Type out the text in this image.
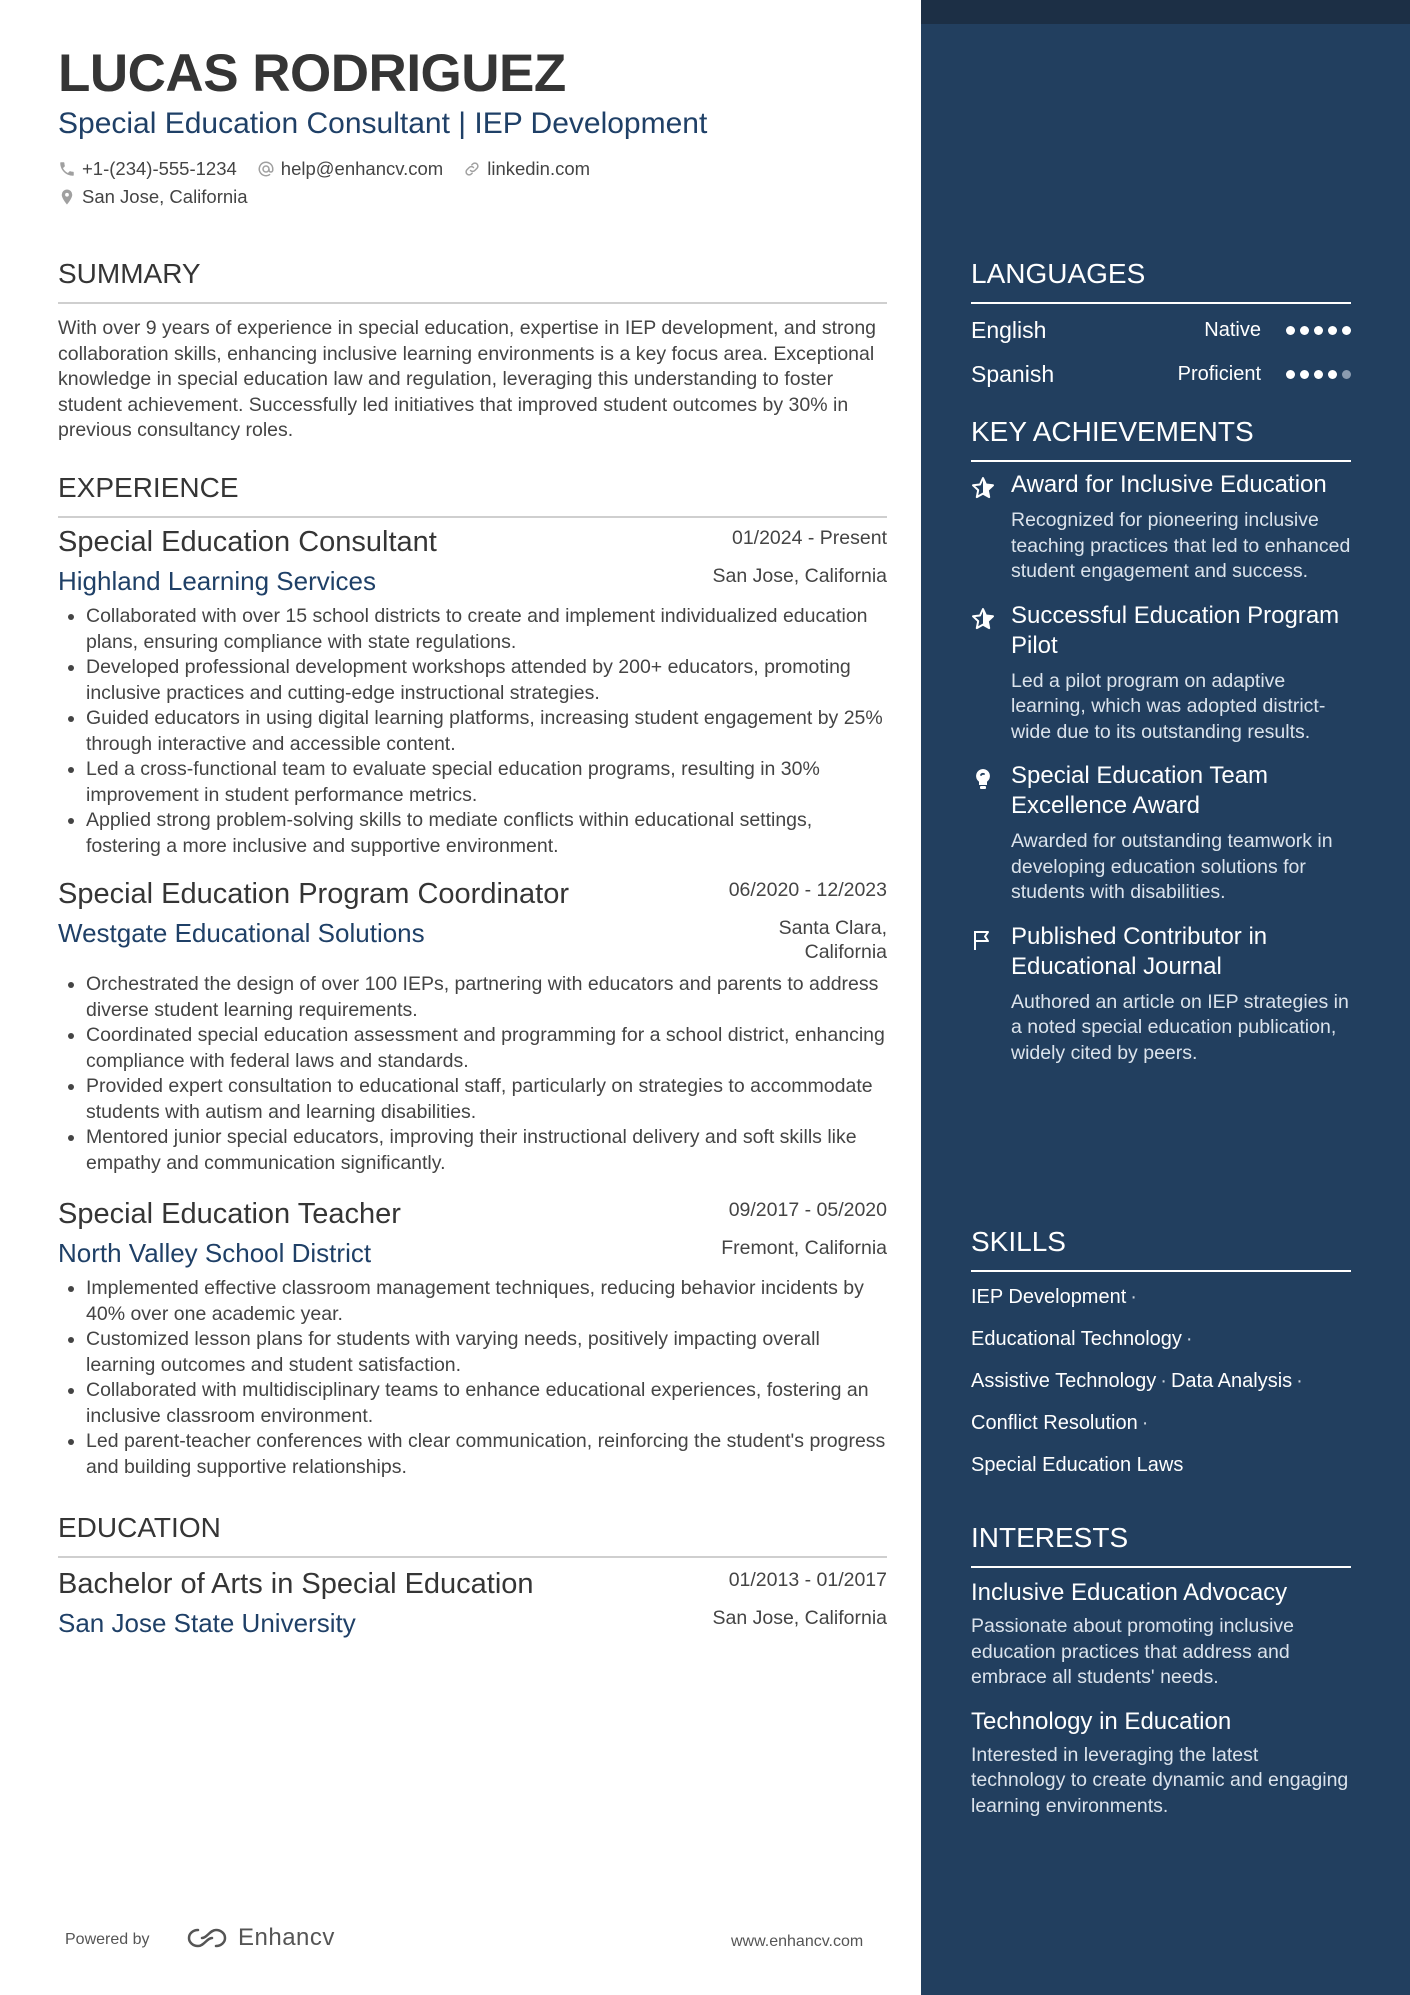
LUCAS RODRIGUEZ
Special Education Consultant | IEP Development
+1-(234)-555-1234 help@enhancv.com linkedin.com
San Jose, California
SUMMARY
With over 9 years of experience in special education, expertise in IEP development, and strong collaboration skills, enhancing inclusive learning environments is a key focus area. Exceptional knowledge in special education law and regulation, leveraging this understanding to foster student achievement. Successfully led initiatives that improved student outcomes by 30% in previous consultancy roles.
EXPERIENCE
Special Education Consultant	01/2024 - Present
Highland Learning Services	San Jose, California
• Collaborated with over 15 school districts to create and implement individualized education plans, ensuring compliance with state regulations.
• Developed professional development workshops attended by 200+ educators, promoting inclusive practices and cutting-edge instructional strategies.
• Guided educators in using digital learning platforms, increasing student engagement by 25% through interactive and accessible content.
• Led a cross-functional team to evaluate special education programs, resulting in 30% improvement in student performance metrics.
• Applied strong problem-solving skills to mediate conflicts within educational settings, fostering a more inclusive and supportive environment.
Special Education Program Coordinator	06/2020 - 12/2023
Westgate Educational Solutions	Santa Clara,
California
• Orchestrated the design of over 100 IEPs, partnering with educators and parents to address diverse student learning requirements.
• Coordinated special education assessment and programming for a school district, enhancing compliance with federal laws and standards.
• Provided expert consultation to educational staff, particularly on strategies to accommodate students with autism and learning disabilities.
• Mentored junior special educators, improving their instructional delivery and soft skills like empathy and communication significantly.
Special Education Teacher	09/2017 - 05/2020
North Valley School District	Fremont, California
• Implemented effective classroom management techniques, reducing behavior incidents by 40% over one academic year.
• Customized lesson plans for students with varying needs, positively impacting overall learning outcomes and student satisfaction.
• Collaborated with multidisciplinary teams to enhance educational experiences, fostering an inclusive classroom environment.
• Led parent-teacher conferences with clear communication, reinforcing the student's progress and building supportive relationships.
EDUCATION
Bachelor of Arts in Special Education	01/2013 - 01/2017
San Jose State University	San Jose, California
Powered by	Enhancv	www.enhancv.com
LANGUAGES
English	Native
Spanish	Proficient
KEY ACHIEVEMENTS
Award for Inclusive Education
Recognized for pioneering inclusive teaching practices that led to enhanced student engagement and success.
Successful Education Program Pilot
Led a pilot program on adaptive learning, which was adopted district-wide due to its outstanding results.
Special Education Team Excellence Award
Awarded for outstanding teamwork in developing education solutions for students with disabilities.
Published Contributor in Educational Journal
Authored an article on IEP strategies in a noted special education publication, widely cited by peers.
SKILLS
IEP Development ·
Educational Technology ·
Assistive Technology · Data Analysis ·
Conflict Resolution ·
Special Education Laws
INTERESTS
Inclusive Education Advocacy
Passionate about promoting inclusive education practices that address and embrace all students' needs.
Technology in Education
Interested in leveraging the latest technology to create dynamic and engaging learning environments.
